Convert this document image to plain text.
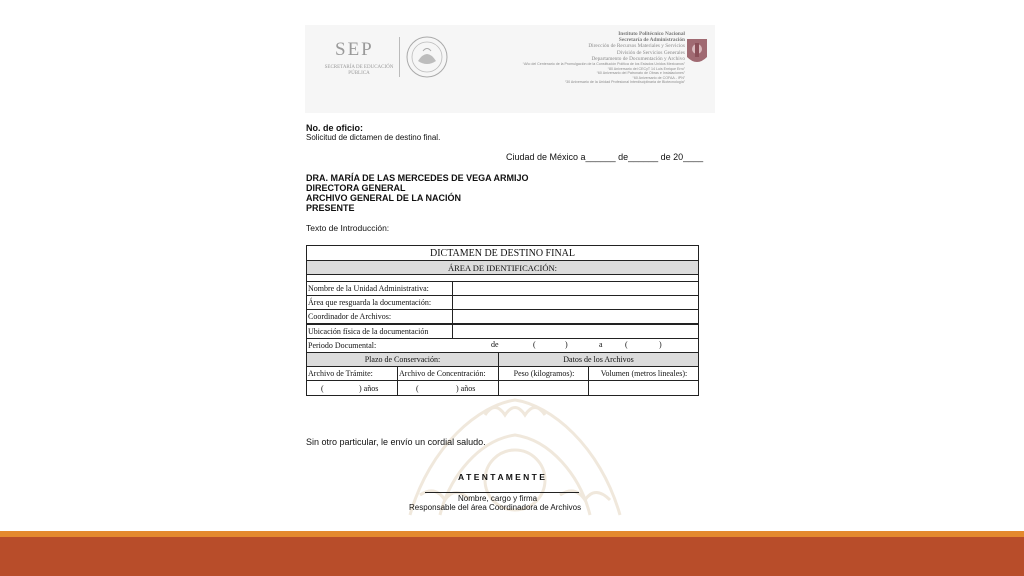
SEP
SECRETARÍA DE EDUCACIÓN PÚBLICA
Instituto Politécnico Nacional
Secretaría de Administración
Dirección de Recursos Materiales y Servicios
División de Servicios Generales
Departamento de Documentación y Archivo
“Año del Centenario de la Promulgación de la Constitución Política de los Estados Unidos Mexicanos”
“80 Aniversario del CECyT 14 Luis Enrique Erro”
“60 Aniversario del Patronato de Obras e Instalaciones”
“60 Aniversario de COFAA - IPN”
“30 Aniversario de la Unidad Profesional Interdisciplinaria de Biotecnología”
No. de oficio:
Solicitud de dictamen de destino final.
Ciudad de México a______ de______ de 20____
DRA. MARÍA DE LAS MERCEDES DE VEGA ARMIJO
DIRECTORA GENERAL
ARCHIVO GENERAL DE LA NACIÓN
PRESENTE
Texto de Introducción:
DICTAMEN DE DESTINO FINAL
ÁREA DE IDENTIFICACIÓN:
Nombre de la Unidad Administrativa:
Área que resguarda la documentación:
Coordinador de Archivos:
Ubicación física de la documentación
Periodo Documental:	de	(	)	a	(	)
Plazo de Conservación:	Datos de los Archivos
Archivo de Trámite:	Archivo de Concentración:	Peso (kilogramos):	Volumen (metros lineales):
(	) años	(	) años
Sin otro particular, le envío un cordial saludo.
A T E N T A M E N T E
Nombre, cargo y firma
Responsable del área Coordinadora de Archivos
